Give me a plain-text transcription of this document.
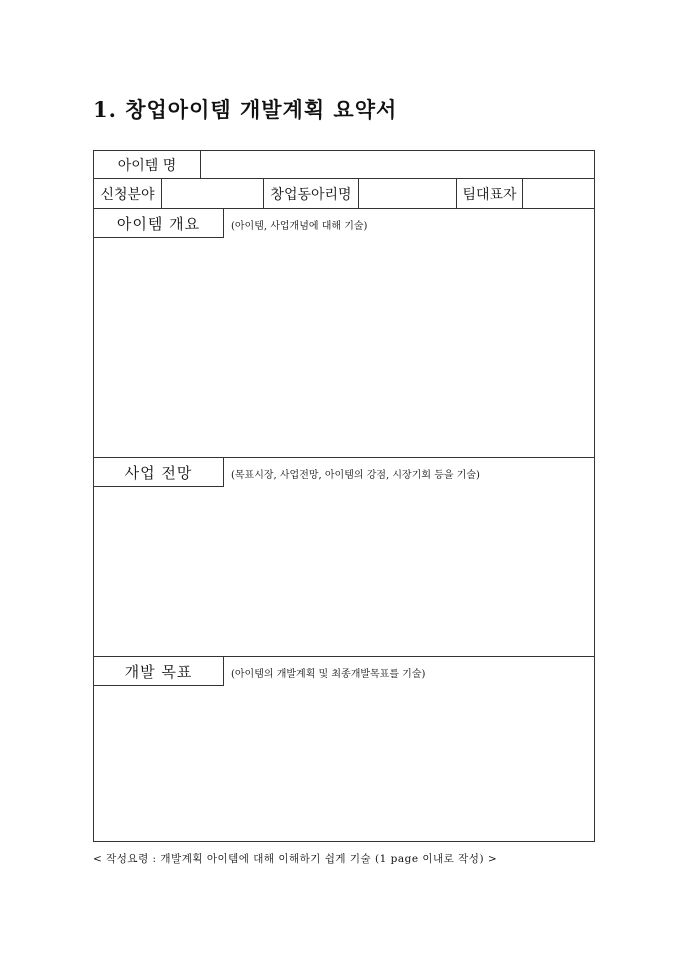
1. 창업아이템 개발계획 요약서
아이템 명
신청분야	창업동아리명	팀대표자
아이템 개요	(아이템, 사업개념에 대해 기술)
사업 전망	(목표시장, 사업전망, 아이템의 강점, 시장기회 등을 기술)
개발 목표	(아이템의 개발계획 및 최종개발목표를 기술)
< 작성요령 : 개발계획 아이템에 대해 이해하기 쉽게 기술 (1 page 이내로 작성) >
